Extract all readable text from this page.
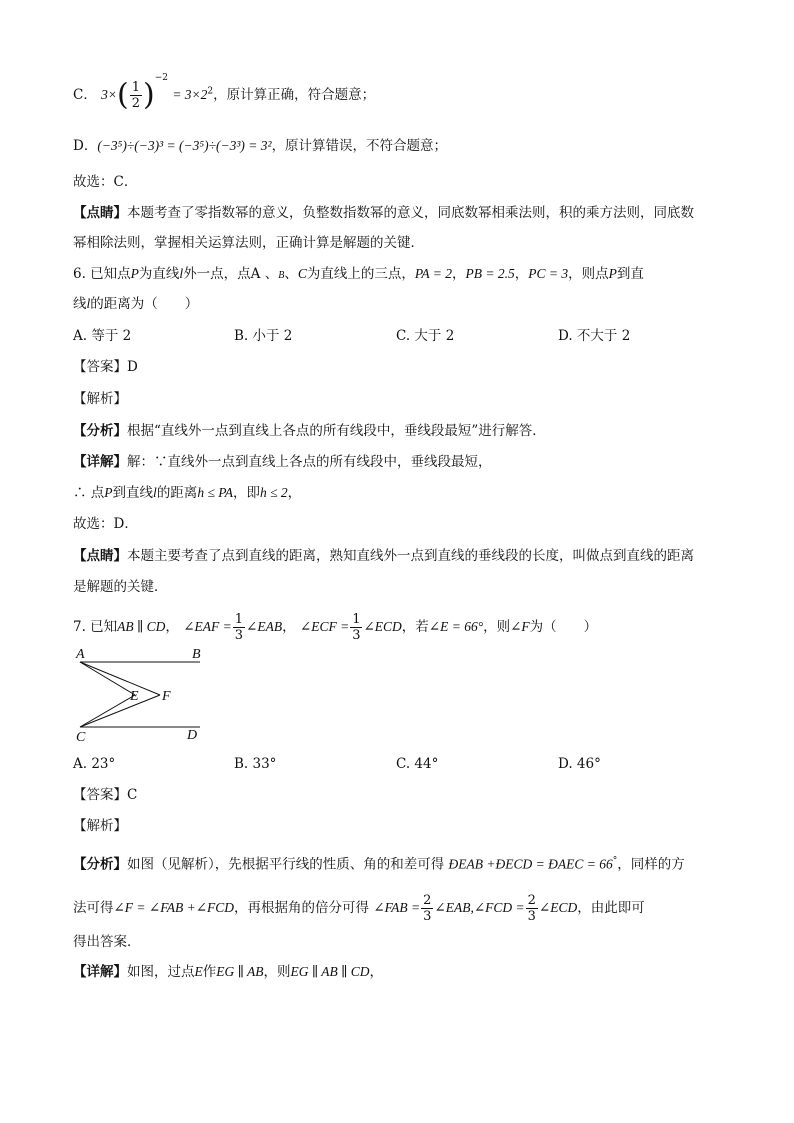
C． $3\times( \frac{1}{2} )^{-2} = 3\times 2^2$，原计算正确，符合题意；
D．(−3⁵)÷(−3)³ = (−3⁵)÷(−3³) = 3²，原计算错误，不符合题意；
故选：C．
【点睛】本题考查了零指数幂的意义，负整数指数幂的意义，同底数幂相乘法则，积的乘方法则，同底数
幂相除法则，掌握相关运算法则，正确计算是解题的关键．
6. 已知点P为直线l外一点，点A 、B、C为直线上的三点，PA = 2，PB = 2.5，PC = 3，则点P到直
线l的距离为（　　）
A. 等于 2	B. 小于 2	C. 大于 2	D. 不大于 2
【答案】D
【解析】
【分析】根据“直线外一点到直线上各点的所有线段中，垂线段最短”进行解答．
【详解】解：∵直线外一点到直线上各点的所有线段中，垂线段最短，
∴ 点P到直线l的距离h ≤ PA，即h ≤ 2，
故选：D．
【点睛】本题主要考查了点到直线的距离，熟知直线外一点到直线的垂线段的长度，叫做点到直线的距离
是解题的关键．
7. 已知AB ∥ CD， ∠EAF = $\frac{1}{3}$ ∠EAB， ∠ECF = $\frac{1}{3}$ ∠ECD，若∠E = 66°，则∠F为（　　）
A	B
C	D
E F
A. 23°	B. 33°	C. 44°	D. 46°
【答案】C
【解析】
【分析】如图（见解析），先根据平行线的性质、角的和差可得 ÐEAB +ÐECD = ÐAEC = 66°，同样的方
法可得∠F = ∠FAB +∠FCD，再根据角的倍分可得 ∠FAB = $\frac{2}{3}$ ∠EAB,∠FCD = $\frac{2}{3}$ ∠ECD，由此即可
得出答案．
【详解】如图，过点E作EG ∥ AB，则EG ∥ AB ∥ CD，
